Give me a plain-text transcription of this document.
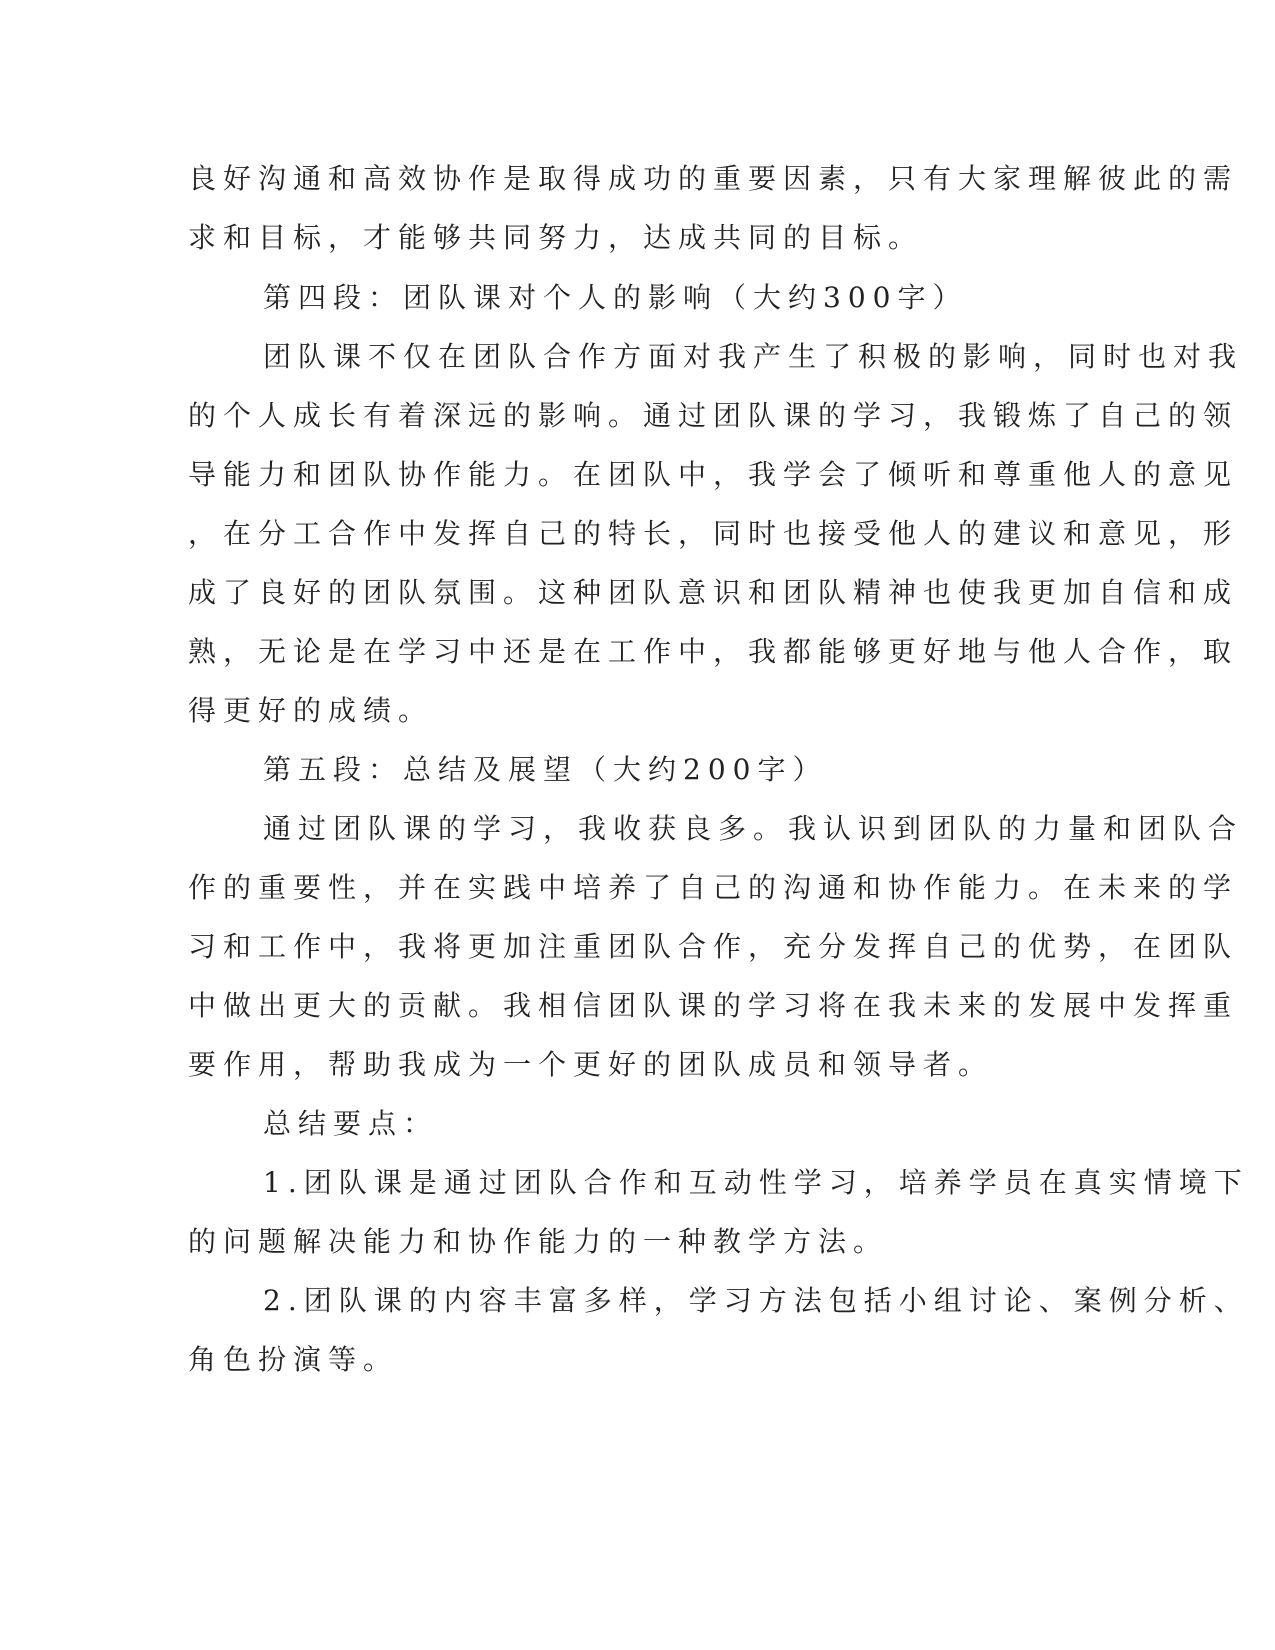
良好沟通和高效协作是取得成功的重要因素，只有大家理解彼此的需
求和目标，才能够共同努力，达成共同的目标。
第四段：团队课对个人的影响（大约300字）
团队课不仅在团队合作方面对我产生了积极的影响，同时也对我
的个人成长有着深远的影响。通过团队课的学习，我锻炼了自己的领
导能力和团队协作能力。在团队中，我学会了倾听和尊重他人的意见
，在分工合作中发挥自己的特长，同时也接受他人的建议和意见，形
成了良好的团队氛围。这种团队意识和团队精神也使我更加自信和成
熟，无论是在学习中还是在工作中，我都能够更好地与他人合作，取
得更好的成绩。
第五段：总结及展望（大约200字）
通过团队课的学习，我收获良多。我认识到团队的力量和团队合
作的重要性，并在实践中培养了自己的沟通和协作能力。在未来的学
习和工作中，我将更加注重团队合作，充分发挥自己的优势，在团队
中做出更大的贡献。我相信团队课的学习将在我未来的发展中发挥重
要作用，帮助我成为一个更好的团队成员和领导者。
总结要点：
1.团队课是通过团队合作和互动性学习，培养学员在真实情境下
的问题解决能力和协作能力的一种教学方法。
2.团队课的内容丰富多样，学习方法包括小组讨论、案例分析、
角色扮演等。
